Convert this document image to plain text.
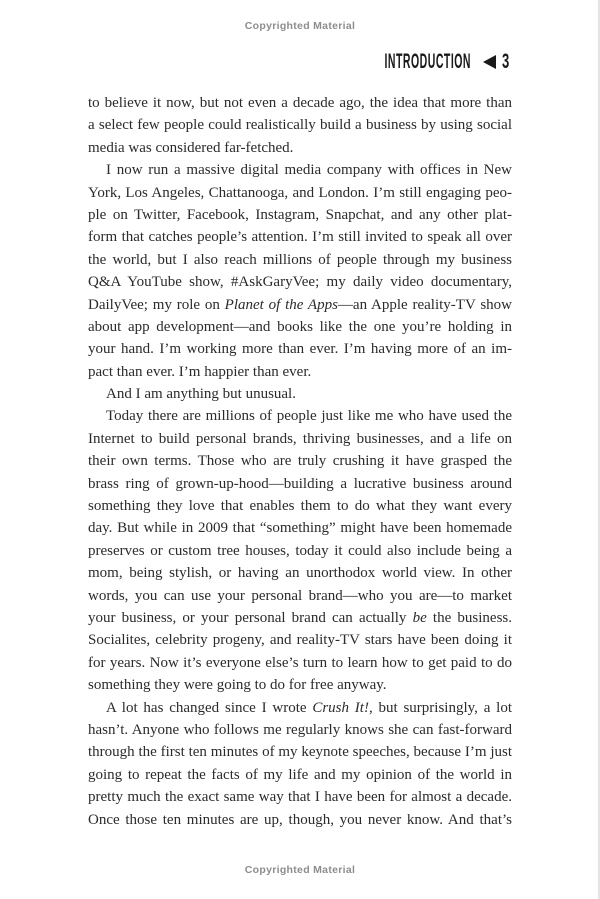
Copyrighted Material
INTRODUCTION 3
to believe it now, but not even a decade ago, the idea that more than
a select few people could realistically build a business by using social
media was considered far-fetched.
I now run a massive digital media company with offices in New
York, Los Angeles, Chattanooga, and London. I’m still engaging peo-
ple on Twitter, Facebook, Instagram, Snapchat, and any other plat-
form that catches people’s attention. I’m still invited to speak all over
the world, but I also reach millions of people through my business
Q&A YouTube show, #AskGaryVee; my daily video documentary,
DailyVee; my role on Planet of the Apps—an Apple reality-TV show
about app development—and books like the one you’re holding in
your hand. I’m working more than ever. I’m having more of an im-
pact than ever. I’m happier than ever.
And I am anything but unusual.
Today there are millions of people just like me who have used the
Internet to build personal brands, thriving businesses, and a life on
their own terms. Those who are truly crushing it have grasped the
brass ring of grown-up-hood—building a lucrative business around
something they love that enables them to do what they want every
day. But while in 2009 that “something” might have been homemade
preserves or custom tree houses, today it could also include being a
mom, being stylish, or having an unorthodox world view. In other
words, you can use your personal brand—who you are—to market
your business, or your personal brand can actually be the business.
Socialites, celebrity progeny, and reality-TV stars have been doing it
for years. Now it’s everyone else’s turn to learn how to get paid to do
something they were going to do for free anyway.
A lot has changed since I wrote Crush It!, but surprisingly, a lot
hasn’t. Anyone who follows me regularly knows she can fast-forward
through the first ten minutes of my keynote speeches, because I’m just
going to repeat the facts of my life and my opinion of the world in
pretty much the exact same way that I have been for almost a decade.
Once those ten minutes are up, though, you never know. And that’s
Copyrighted Material
